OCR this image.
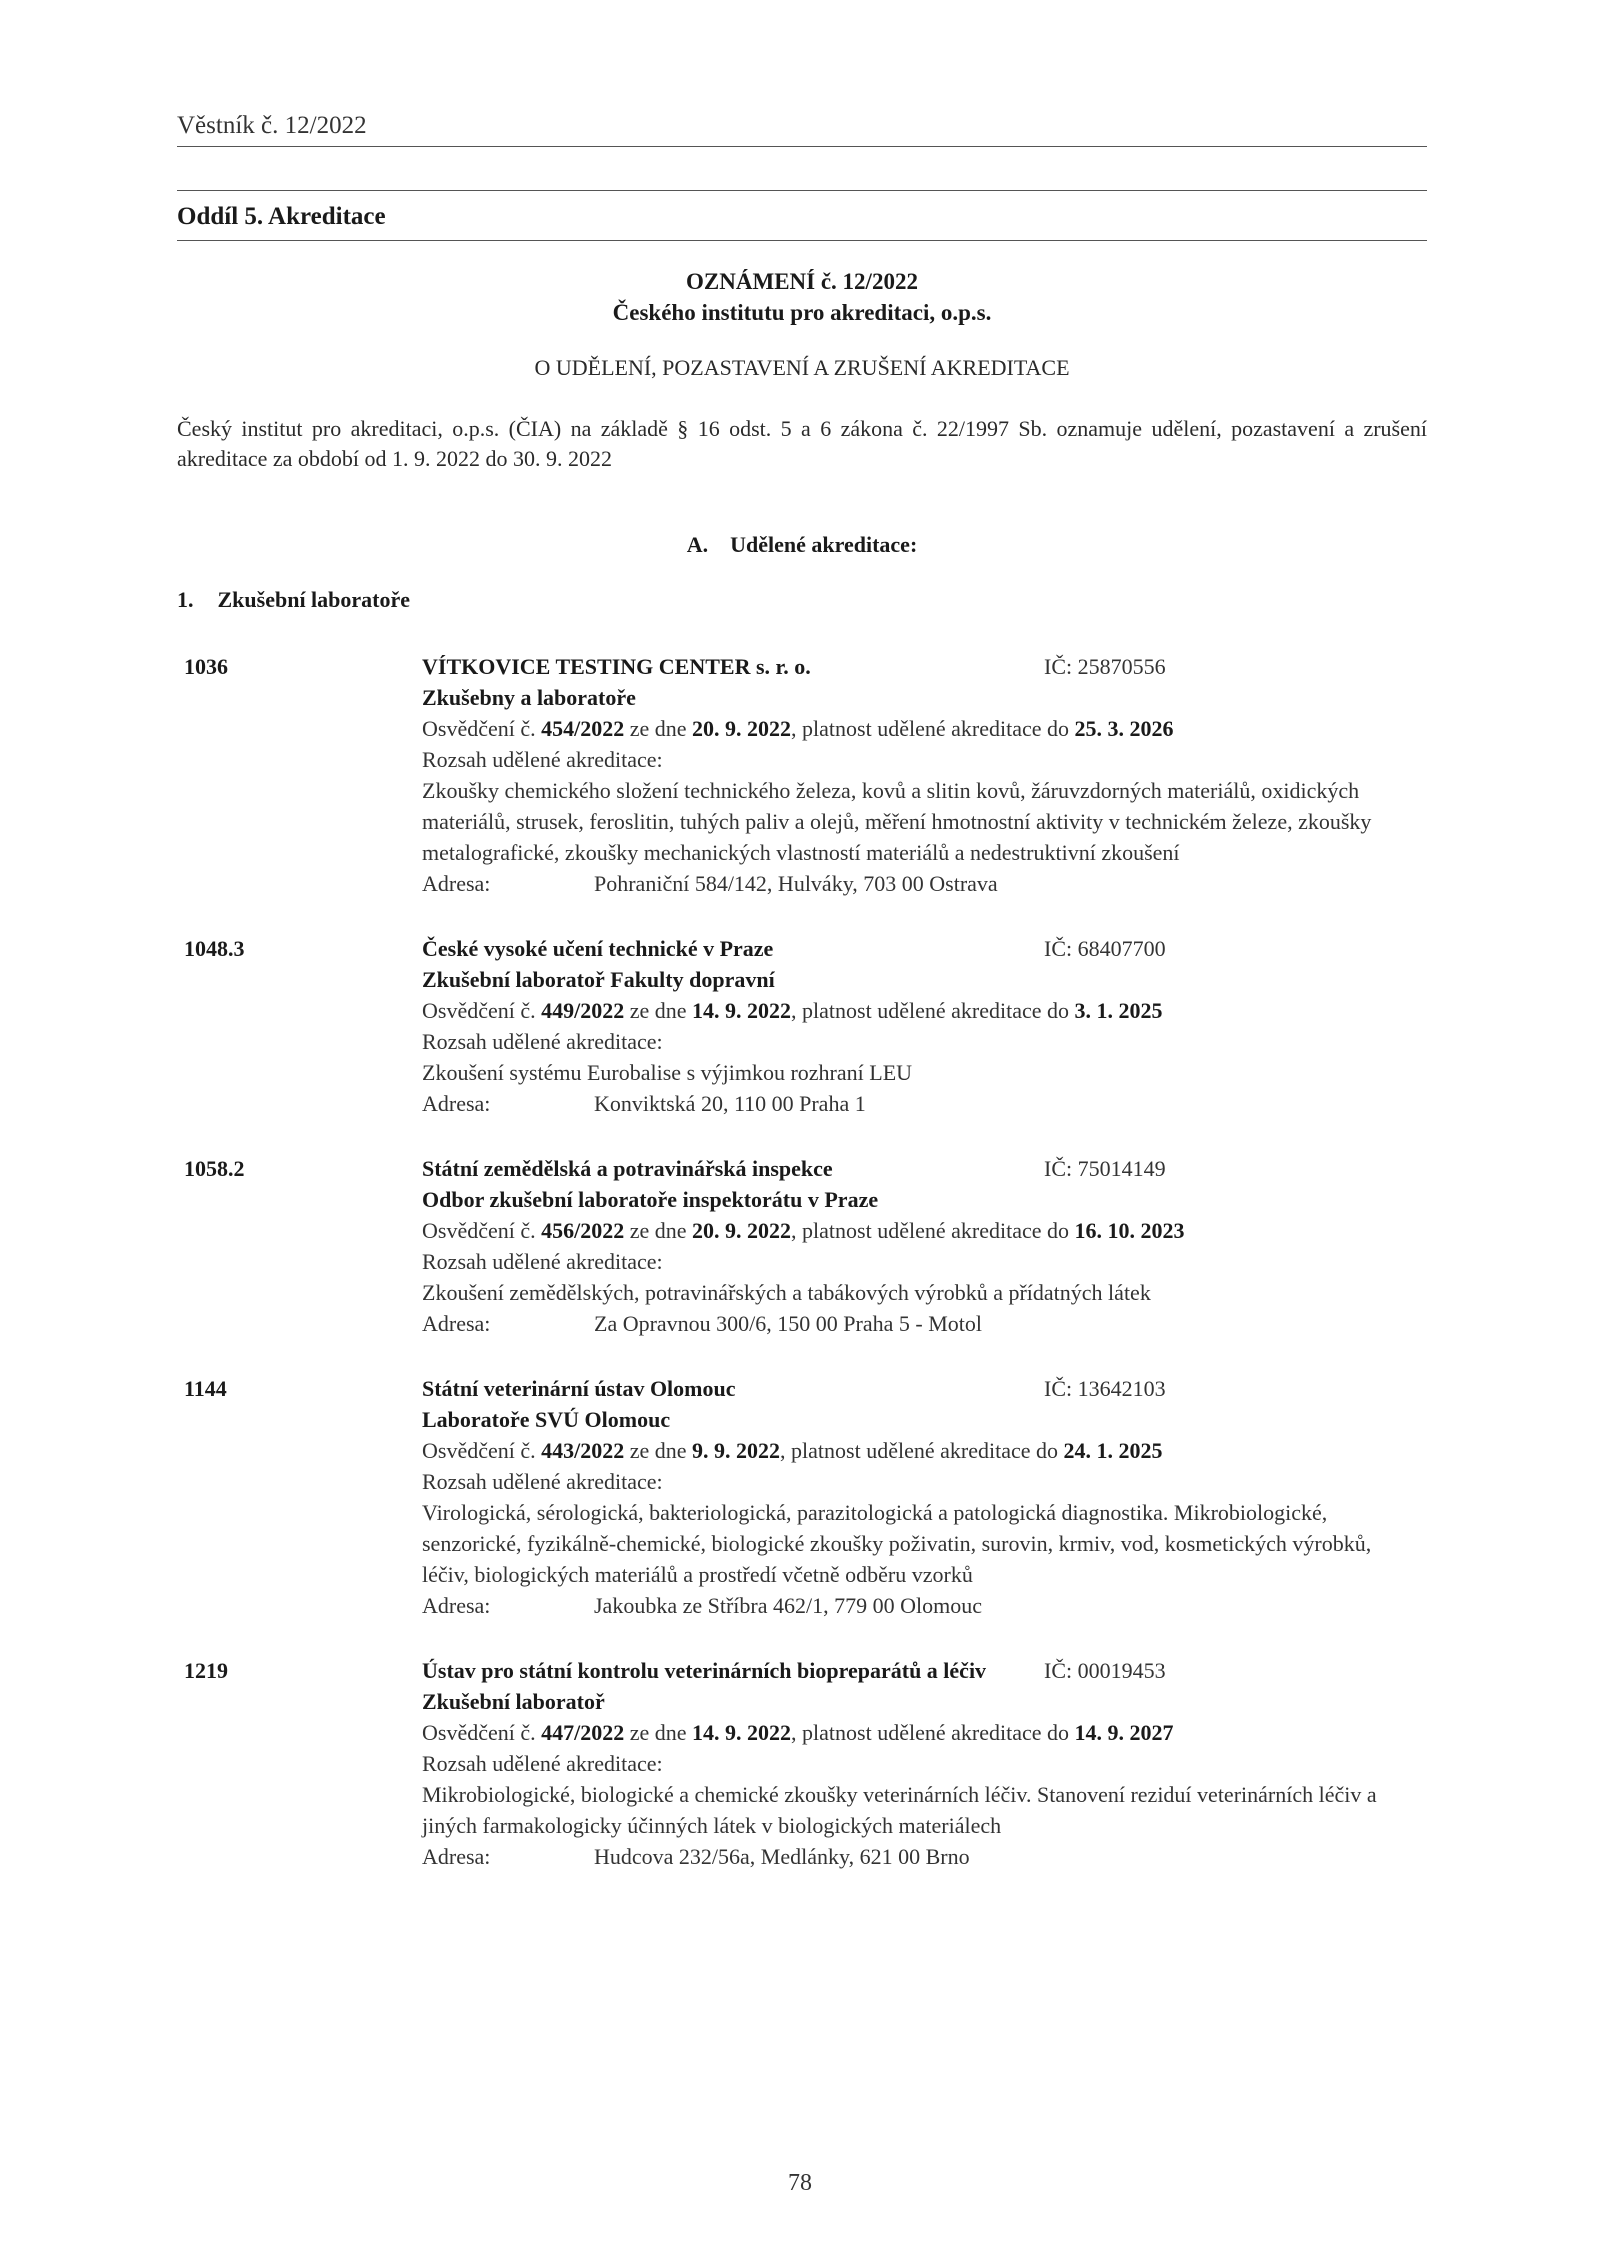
Věstník č. 12/2022
Oddíl 5. Akreditace
OZNÁMENÍ č. 12/2022
Českého institutu pro akreditaci, o.p.s.
O UDĚLENÍ, POZASTAVENÍ A ZRUŠENÍ AKREDITACE
Český institut pro akreditaci, o.p.s. (ČIA) na základě § 16 odst. 5 a 6 zákona č. 22/1997 Sb. oznamuje udělení, pozastavení a zrušení akreditace za období od 1. 9. 2022 do 30. 9. 2022
A. Udělené akreditace:
1. Zkušební laboratoře
1036	VÍTKOVICE TESTING CENTER s. r. o.	IČ: 25870556
Zkušebny a laboratoře
Osvědčení č. 454/2022 ze dne 20. 9. 2022, platnost udělené akreditace do 25. 3. 2026
Rozsah udělené akreditace:
Zkoušky chemického složení technického železa, kovů a slitin kovů, žáruvzdorných materiálů, oxidických materiálů, strusek, feroslitin, tuhých paliv a olejů, měření hmotnostní aktivity v technickém železe, zkoušky metalografické, zkoušky mechanických vlastností materiálů a nedestruktivní zkoušení
Adresa:	Pohraniční 584/142, Hulváky, 703 00 Ostrava
1048.3	České vysoké učení technické v Praze	IČ: 68407700
Zkušební laboratoř Fakulty dopravní
Osvědčení č. 449/2022 ze dne 14. 9. 2022, platnost udělené akreditace do 3. 1. 2025
Rozsah udělené akreditace:
Zkoušení systému Eurobalise s výjimkou rozhraní LEU
Adresa:	Konviktská 20, 110 00 Praha 1
1058.2	Státní zemědělská a potravinářská inspekce	IČ: 75014149
Odbor zkušební laboratoře inspektorátu v Praze
Osvědčení č. 456/2022 ze dne 20. 9. 2022, platnost udělené akreditace do 16. 10. 2023
Rozsah udělené akreditace:
Zkoušení zemědělských, potravinářských a tabákových výrobků a přídatných látek
Adresa:	Za Opravnou 300/6, 150 00 Praha 5 - Motol
1144	Státní veterinární ústav Olomouc	IČ: 13642103
Laboratoře SVÚ Olomouc
Osvědčení č. 443/2022 ze dne 9. 9. 2022, platnost udělené akreditace do 24. 1. 2025
Rozsah udělené akreditace:
Virologická, sérologická, bakteriologická, parazitologická a patologická diagnostika. Mikrobiologické, senzorické, fyzikálně-chemické, biologické zkoušky poživatin, surovin, krmiv, vod, kosmetických výrobků, léčiv, biologických materiálů a prostředí včetně odběru vzorků
Adresa:	Jakoubka ze Stříbra 462/1, 779 00 Olomouc
1219	Ústav pro státní kontrolu veterinárních biopreparátů a léčiv	IČ: 00019453
Zkušební laboratoř
Osvědčení č. 447/2022 ze dne 14. 9. 2022, platnost udělené akreditace do 14. 9. 2027
Rozsah udělené akreditace:
Mikrobiologické, biologické a chemické zkoušky veterinárních léčiv. Stanovení reziduí veterinárních léčiv a jiných farmakologicky účinných látek v biologických materiálech
Adresa:	Hudcova 232/56a, Medlánky, 621 00 Brno
78
